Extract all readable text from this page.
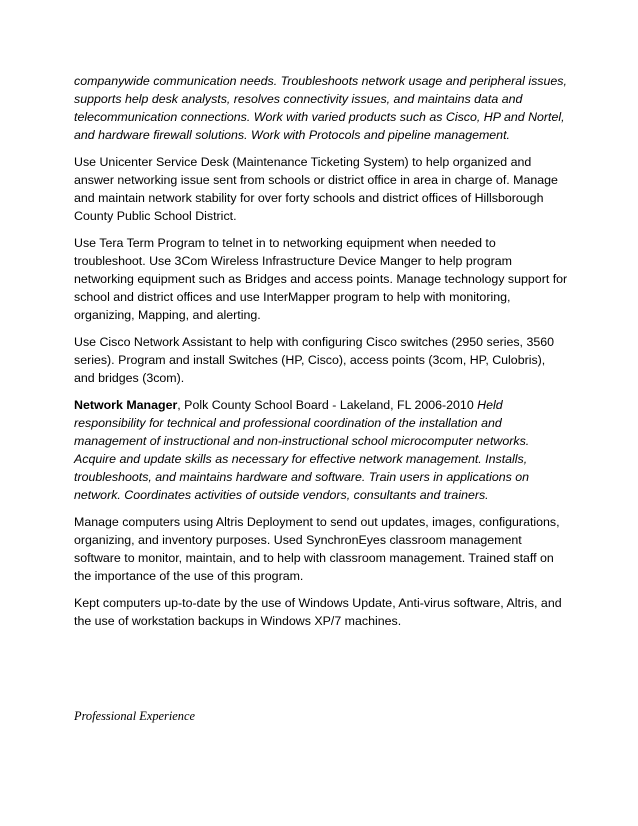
companywide communication needs. Troubleshoots network usage and peripheral issues, supports help desk analysts, resolves connectivity issues, and maintains data and telecommunication connections. Work with varied products such as Cisco, HP and Nortel, and hardware firewall solutions. Work with Protocols and pipeline management.

Use Unicenter Service Desk (Maintenance Ticketing System) to help organized and answer networking issue sent from schools or district office in area in charge of. Manage and maintain network stability for over forty schools and district offices of Hillsborough County Public School District.

Use Tera Term Program to telnet in to networking equipment when needed to troubleshoot. Use 3Com Wireless Infrastructure Device Manger to help program networking equipment such as Bridges and access points. Manage technology support for school and district offices and use InterMapper program to help with monitoring, organizing, Mapping, and alerting.

Use Cisco Network Assistant to help with configuring Cisco switches (2950 series, 3560 series). Program and install Switches (HP, Cisco), access points (3com, HP, Culobris), and bridges (3com).

Network Manager, Polk County School Board - Lakeland, FL 2006-2010 Held responsibility for technical and professional coordination of the installation and management of instructional and non-instructional school microcomputer networks. Acquire and update skills as necessary for effective network management. Installs, troubleshoots, and maintains hardware and software. Train users in applications on network. Coordinates activities of outside vendors, consultants and trainers.

Manage computers using Altris Deployment to send out updates, images, configurations, organizing, and inventory purposes. Used SynchronEyes classroom management software to monitor, maintain, and to help with classroom management. Trained staff on the importance of the use of this program.

Kept computers up-to-date by the use of Windows Update, Anti-virus software, Altris, and the use of workstation backups in Windows XP/7 machines.

Professional Experience
